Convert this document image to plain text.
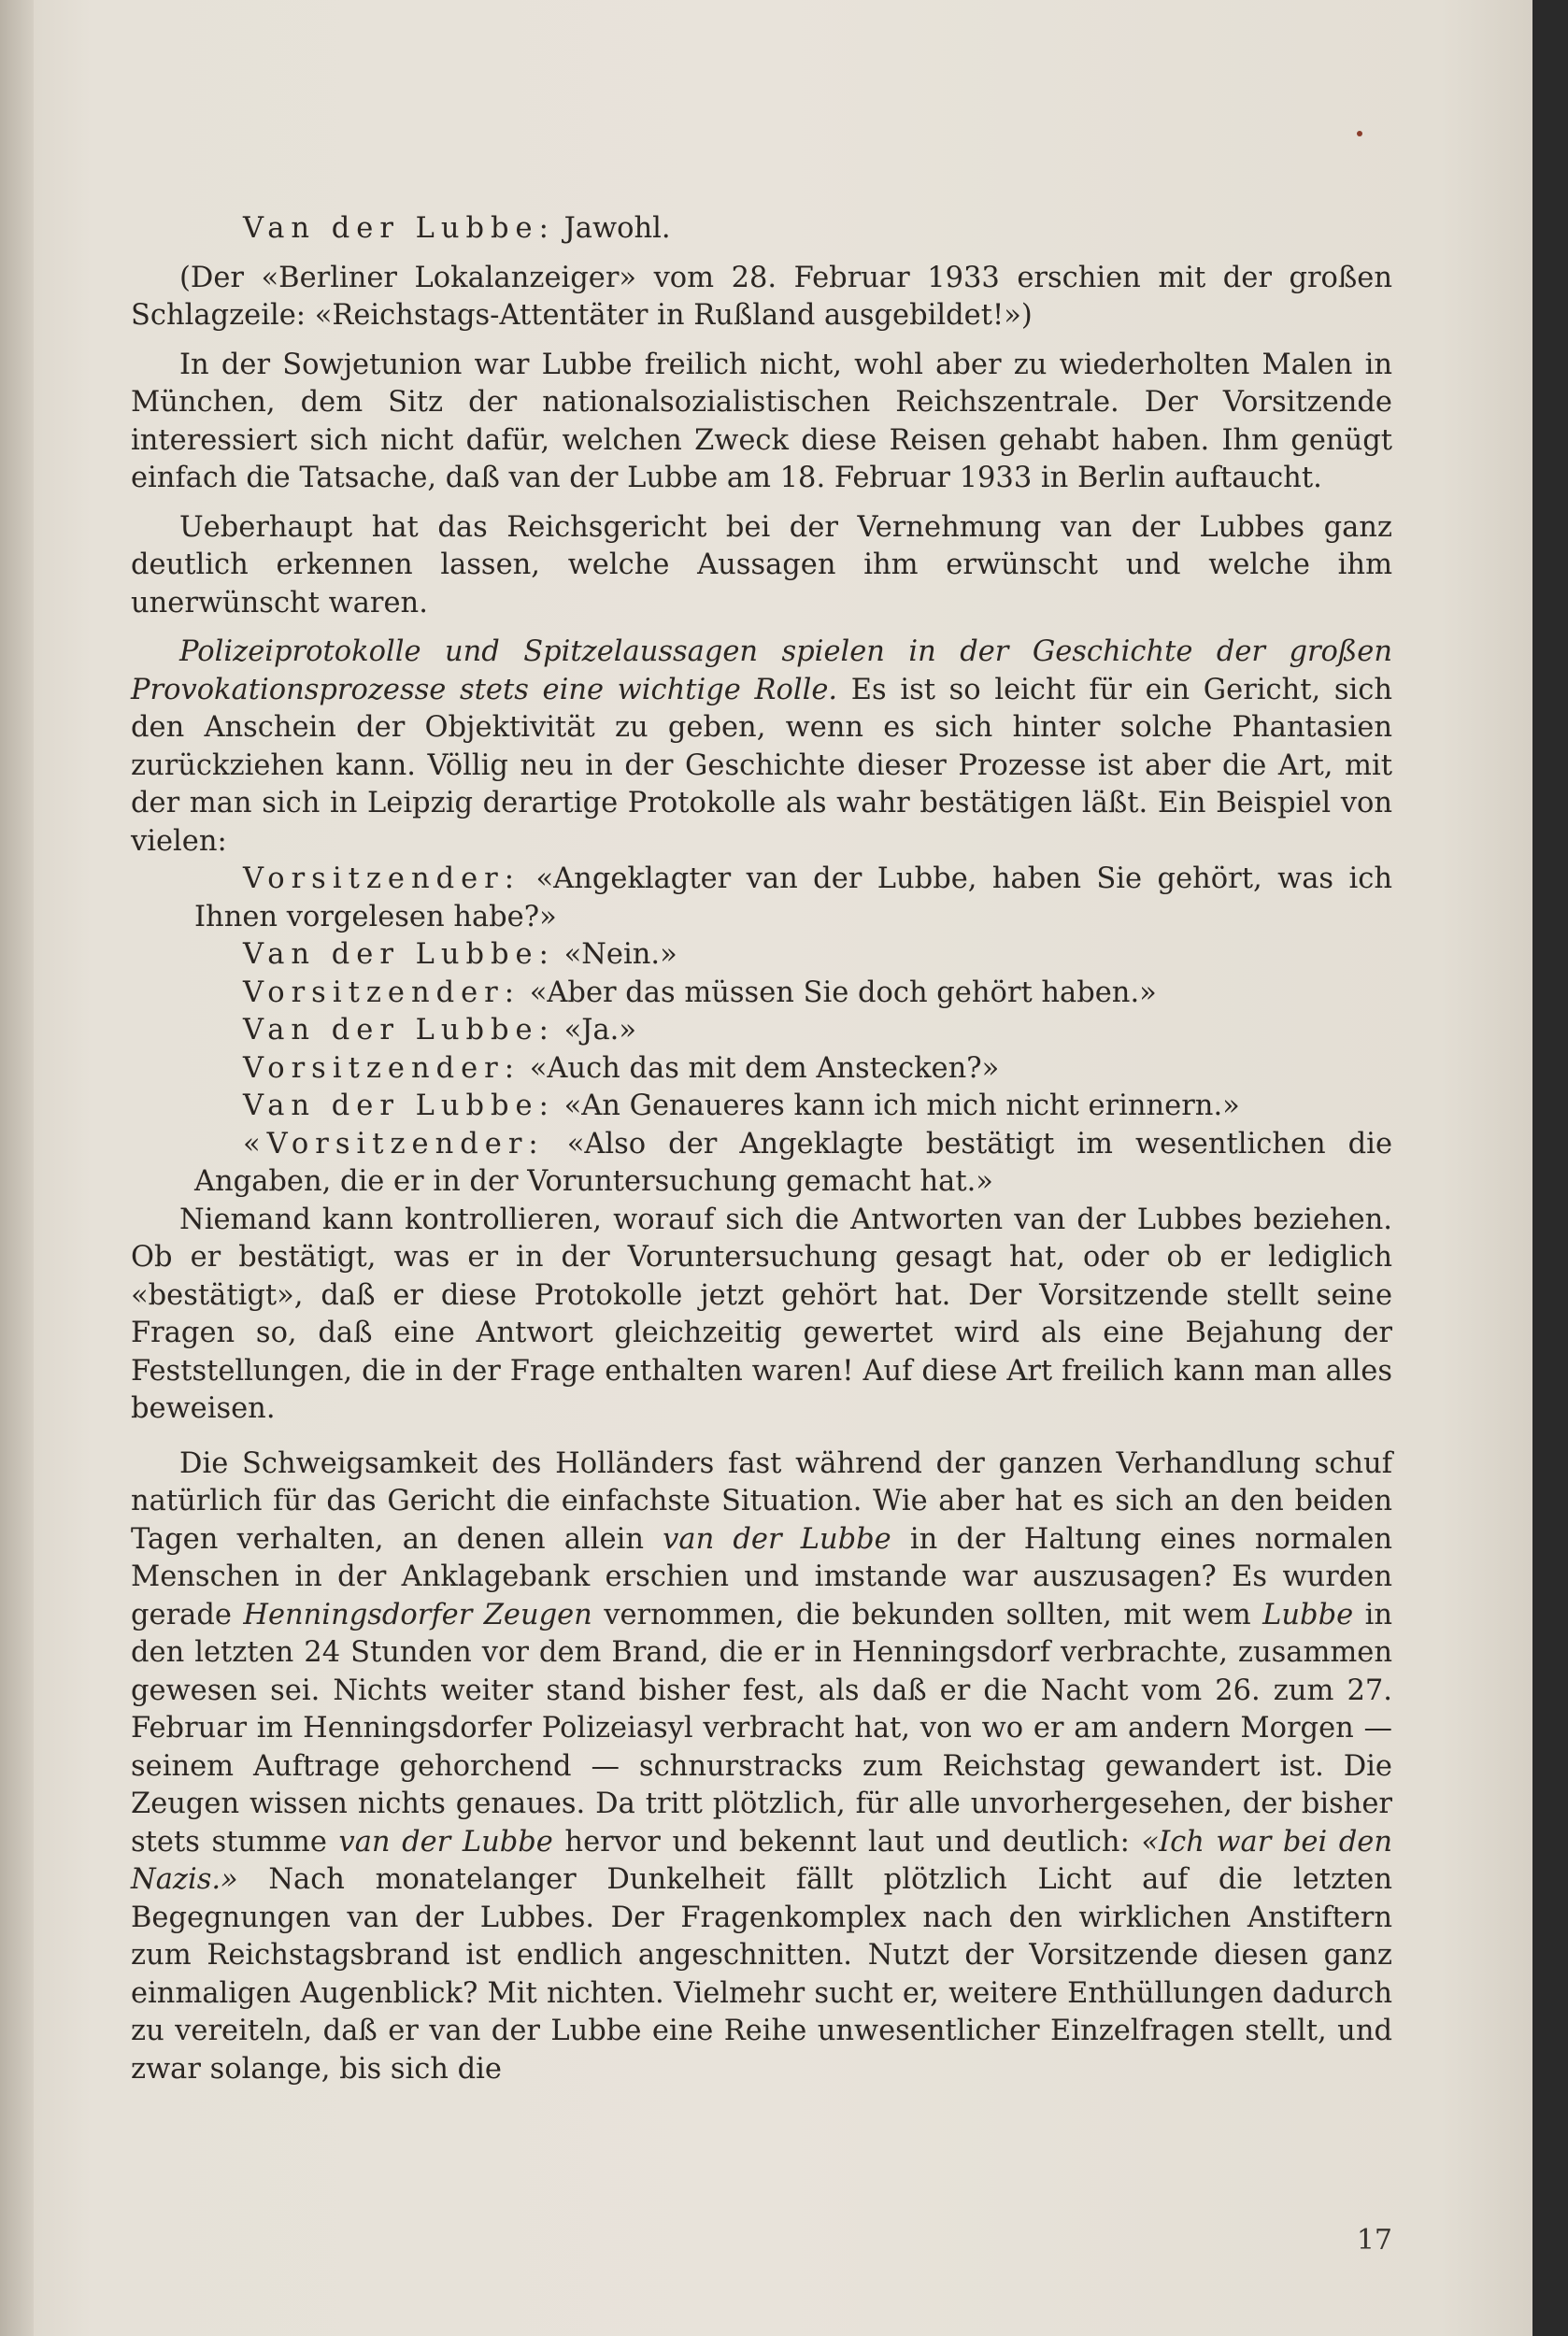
Van der Lubbe: Jawohl.

(Der «Berliner Lokalanzeiger» vom 28. Februar 1933 erschien mit der großen Schlagzeile: «Reichstags-Attentäter in Rußland ausgebildet!»)

In der Sowjetunion war Lubbe freilich nicht, wohl aber zu wiederholten Malen in München, dem Sitz der nationalsozialistischen Reichszentrale. Der Vorsitzende interessiert sich nicht dafür, welchen Zweck diese Reisen gehabt haben. Ihm genügt einfach die Tatsache, daß van der Lubbe am 18. Februar 1933 in Berlin auftaucht.

Ueberhaupt hat das Reichsgericht bei der Vernehmung van der Lubbes ganz deutlich erkennen lassen, welche Aussagen ihm erwünscht und welche ihm unerwünscht waren.

Polizeiprotokolle und Spitzelaussagen spielen in der Geschichte der großen Provokationsprozesse stets eine wichtige Rolle. Es ist so leicht für ein Gericht, sich den Anschein der Objektivität zu geben, wenn es sich hinter solche Phantasien zurückziehen kann. Völlig neu in der Geschichte dieser Prozesse ist aber die Art, mit der man sich in Leipzig derartige Protokolle als wahr bestätigen läßt. Ein Beispiel von vielen:

Vorsitzender: «Angeklagter van der Lubbe, haben Sie gehört, was ich Ihnen vorgelesen habe?»

Van der Lubbe: «Nein.»

Vorsitzender: «Aber das müssen Sie doch gehört haben.»

Van der Lubbe: «Ja.»

Vorsitzender: «Auch das mit dem Anstecken?»

Van der Lubbe: «An Genaueres kann ich mich nicht erinnern.»

«Vorsitzender: «Also der Angeklagte bestätigt im wesentlichen die Angaben, die er in der Voruntersuchung gemacht hat.»

Niemand kann kontrollieren, worauf sich die Antworten van der Lubbes beziehen. Ob er bestätigt, was er in der Voruntersuchung gesagt hat, oder ob er lediglich «bestätigt», daß er diese Protokolle jetzt gehört hat. Der Vorsitzende stellt seine Fragen so, daß eine Antwort gleichzeitig gewertet wird als eine Bejahung der Feststellungen, die in der Frage enthalten waren! Auf diese Art freilich kann man alles beweisen.

Die Schweigsamkeit des Holländers fast während der ganzen Verhandlung schuf natürlich für das Gericht die einfachste Situation. Wie aber hat es sich an den beiden Tagen verhalten, an denen allein van der Lubbe in der Haltung eines normalen Menschen in der Anklagebank erschien und imstande war auszusagen? Es wurden gerade Henningsdorfer Zeugen vernommen, die bekunden sollten, mit wem Lubbe in den letzten 24 Stunden vor dem Brand, die er in Henningsdorf verbrachte, zusammen gewesen sei. Nichts weiter stand bisher fest, als daß er die Nacht vom 26. zum 27. Februar im Henningsdorfer Polizeiasyl verbracht hat, von wo er am andern Morgen — seinem Auftrage gehorchend — schnurstracks zum Reichstag gewandert ist. Die Zeugen wissen nichts genaues. Da tritt plötzlich, für alle unvorhergesehen, der bisher stets stumme van der Lubbe hervor und bekennt laut und deutlich: «Ich war bei den Nazis.» Nach monatelanger Dunkelheit fällt plötzlich Licht auf die letzten Begegnungen van der Lubbes. Der Fragenkomplex nach den wirklichen Anstiftern zum Reichstagsbrand ist endlich angeschnitten. Nutzt der Vorsitzende diesen ganz einmaligen Augenblick? Mit nichten. Vielmehr sucht er, weitere Enthüllungen dadurch zu vereiteln, daß er van der Lubbe eine Reihe unwesentlicher Einzelfragen stellt, und zwar solange, bis sich die

17
